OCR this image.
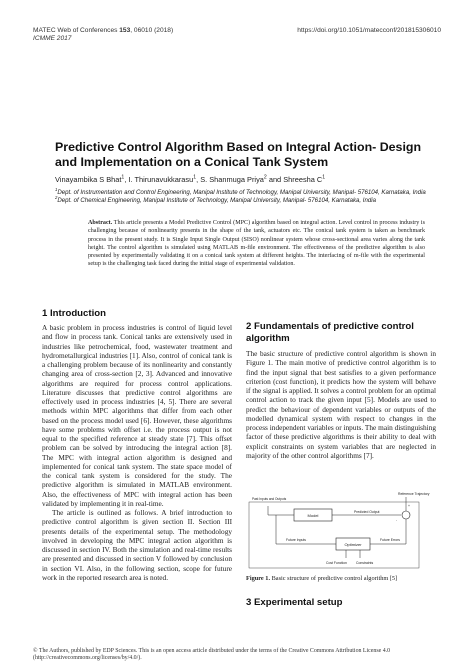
MATEC Web of Conferences 153, 06010 (2018)
ICMME 2017
https://doi.org/10.1051/matecconf/201815306010
Predictive Control Algorithm Based on Integral Action- Design and Implementation on a Conical Tank System
Vinayambika S Bhat$^1$, I. Thirunavukkarasu$^1$, S. Shanmuga Priya$^2$ and Shreesha $C^1$
$^1$Dept. of Instrumentation and Control Engineering, Manipal Institute of Technology, Manipal University, Manipal- 576104, Karnataka, India
$^2$Dept. of Chemical Engineering, Manipal Institute of Technology, Manipal University, Manipal- 576104, Karnataka, India
Abstract. This article presents a Model Predictive Control (MPC) algorithm based on integral action. Level control in process industry is challenging because of nonlinearity presents in the shape of the tank, actuators etc. The conical tank system is taken as benchmark process in the present study. It is Single Input Single Output (SISO) nonlinear system whose cross-sectional area varies along the tank height. The control algorithm is simulated using MATLAB m-file environment. The effectiveness of the predictive algorithm is also presented by experimentally validating it on a conical tank system at different heights. The interfacing of m-file with the experimental setup is the challenging task faced during the initial stage of experimental validation.
1 Introduction

A basic problem in process industries is control of liquid level and flow in process tank. Conical tanks are extensively used in industries like petrochemical, food, wastewater treatment and hydrometallurgical industries [1]. Also, control of conical tank is a challenging problem because of its nonlinearity and constantly changing area of cross-section [2, 3]. Advanced and innovative algorithms are required for process control applications. Literature discusses that predictive control algorithms are effectively used in process industries [4, 5]. There are several methods within MPC algorithms that differ from each other based on the process model used [6]. However, these algorithms have some problems with offset i.e. the process output is not equal to the specified reference at steady state [7]. This offset problem can be solved by introducing the integral action [8]. The MPC with integral action algorithm is designed and implemented for conical tank system. The state space model of the conical tank system is considered for the study. The predictive algorithm is simulated in MATLAB environment. Also, the effectiveness of MPC with integral action has been validated by implementing it in real-time.

The article is outlined as follows. A brief introduction to predictive control algorithm is given section II. Section III presents details of the experimental setup. The methodology involved in developing the MPC integral action algorithm is discussed in section IV. Both the simulation and real-time results are presented and discussed in section V followed by conclusion in section VI. Also, in the following section, scope for future work in the reported research area is noted.

2 Fundamentals of predictive control algorithm

The basic structure of predictive control algorithm is shown in Figure 1. The main motive of predictive control algorithm is to find the input signal that best satisfies to a given performance criterion (cost function), it predicts how the system will behave if the signal is applied. It solves a control problem for an optimal control action to track the given input [5]. Models are used to predict the behaviour of dependent variables or outputs of the modelled dynamical system with respect to changes in the process independent variables or inputs. The main distinguishing factor of these predictive algorithms is their ability to deal with explicit constraints on system variables that are neglected in majority of the other control algorithms [7].

Reference Trajectory
Past Inputs and Outputs
Model
Predicted Output
-
+
Future Inputs
Optimizer
Future Errors
Cost Function	Constraints
Figure 1. Basic structure of predictive control algorithm [5]
3 Experimental setup
© The Authors, published by EDP Sciences. This is an open access article distributed under the terms of the Creative Commons Attribution License 4.0 (http://creativecommons.org/licenses/by/4.0/).
